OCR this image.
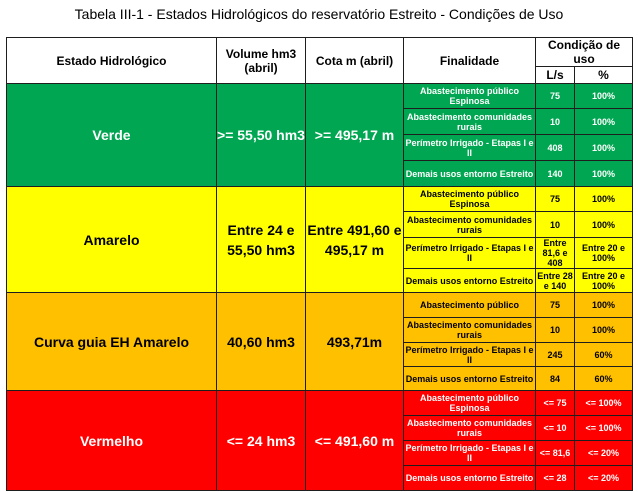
Tabela III-1 - Estados Hidrológicos do reservatório Estreito - Condições de Uso
Estado Hidrológico	Volume hm3 (abril)	Cota m (abril)	Finalidade	Condição de uso	
				L/s	%
Verde	>= 55,50 hm3	>= 495,17 m	Abastecimento público Espinosa	75	100%
			Abastecimento comunidades rurais	10	100%
			Perímetro Irrigado - Etapas I e II	408	100%
			Demais usos entorno Estreito	140	100%
Amarelo	Entre 24 e 55,50 hm3	Entre 491,60 e 495,17 m	Abastecimento público Espinosa	75	100%
			Abastecimento comunidades rurais	10	100%
			Perímetro Irrigado - Etapas I e II	Entre 81,6 e 408	Entre 20 e 100%
			Demais usos entorno Estreito	Entre 28 e 140	Entre 20 e 100%
Curva guia EH Amarelo	40,60 hm3	493,71m	Abastecimento público	75	100%
			Abastecimento comunidades rurais	10	100%
			Perímetro Irrigado - Etapas I e II	245	60%
			Demais usos entorno Estreito	84	60%
Vermelho	<= 24 hm3	<= 491,60 m	Abastecimento público Espinosa	<= 75	<= 100%
			Abastecimento comunidades rurais	<= 10	<= 100%
			Perímetro Irrigado - Etapas I e II	<= 81,6	<= 20%
			Demais usos entorno Estreito	<= 28	<= 20%
